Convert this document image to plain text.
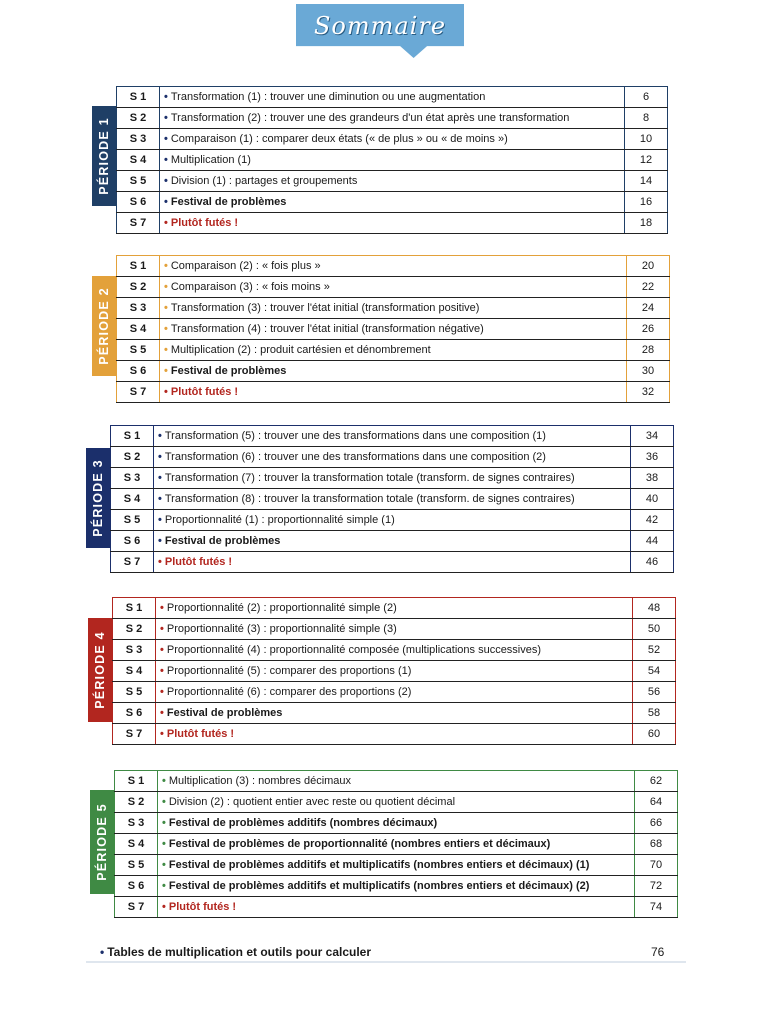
Sommaire
PÉRIODE 1
S 1	• Transformation (1) : trouver une diminution ou une augmentation	6
S 2	• Transformation (2) : trouver une des grandeurs d'un état après une transformation	8
S 3	• Comparaison (1) : comparer deux états (« de plus » ou « de moins »)	10
S 4	• Multiplication (1)	12
S 5	• Division (1) : partages et groupements	14
S 6	• Festival de problèmes	16
S 7	• Plutôt futés !	18
PÉRIODE 2
S 1	• Comparaison (2) : « fois plus »	20
S 2	• Comparaison (3) : « fois moins »	22
S 3	• Transformation (3) : trouver l'état initial (transformation positive)	24
S 4	• Transformation (4) : trouver l'état initial (transformation négative)	26
S 5	• Multiplication (2) : produit cartésien et dénombrement	28
S 6	• Festival de problèmes	30
S 7	• Plutôt futés !	32
PÉRIODE 3
S 1	• Transformation (5) : trouver une des transformations dans une composition (1)	34
S 2	• Transformation (6) : trouver une des transformations dans une composition (2)	36
S 3	• Transformation (7) : trouver la transformation totale (transform. de signes contraires)	38
S 4	• Transformation (8) : trouver la transformation totale (transform. de signes contraires)	40
S 5	• Proportionnalité (1) : proportionnalité simple (1)	42
S 6	• Festival de problèmes	44
S 7	• Plutôt futés !	46
PÉRIODE 4
S 1	• Proportionnalité (2) : proportionnalité simple (2)	48
S 2	• Proportionnalité (3) : proportionnalité simple (3)	50
S 3	• Proportionnalité (4) : proportionnalité composée (multiplications successives)	52
S 4	• Proportionnalité (5) : comparer des proportions (1)	54
S 5	• Proportionnalité (6) : comparer des proportions (2)	56
S 6	• Festival de problèmes	58
S 7	• Plutôt futés !	60
PÉRIODE 5
S 1	• Multiplication (3) : nombres décimaux	62
S 2	• Division (2) : quotient entier avec reste ou quotient décimal	64
S 3	• Festival de problèmes additifs (nombres décimaux)	66
S 4	• Festival de problèmes de proportionnalité (nombres entiers et décimaux)	68
S 5	• Festival de problèmes additifs et multiplicatifs (nombres entiers et décimaux) (1)	70
S 6	• Festival de problèmes additifs et multiplicatifs (nombres entiers et décimaux) (2)	72
S 7	• Plutôt futés !	74
• Tables de multiplication et outils pour calculer	76
